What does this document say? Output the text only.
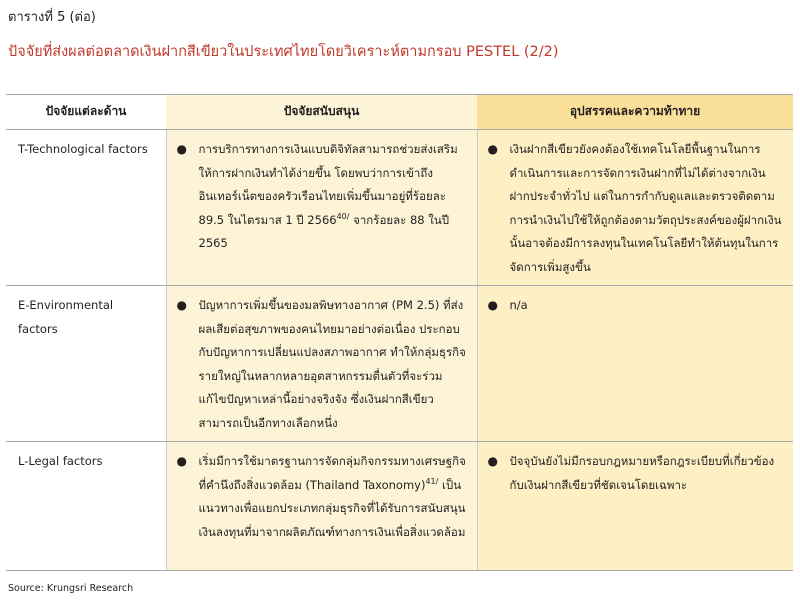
ตารางที่ 5 (ต่อ)
ปัจจัยที่ส่งผลต่อตลาดเงินฝากสีเขียวในประเทศไทยโดยวิเคราะห์ตามกรอบ PESTEL (2/2)
ปัจจัยแต่ละด้าน	ปัจจัยสนับสนุน	อุปสรรคและความท้าทาย
T-Technological factors	● การบริการทางการเงินแบบดิจิทัลสามารถช่วยส่งเสริมให้การฝากเงินทำได้ง่ายขึ้น โดยพบว่าการเข้าถึงอินเทอร์เน็ตของครัวเรือนไทยเพิ่มขึ้นมาอยู่ที่ร้อยละ 89.5 ในไตรมาส 1 ปี $2566^{40/}$ จากร้อยละ 88 ในปี 2565	● เงินฝากสีเขียวยังคงต้องใช้เทคโนโลยีพื้นฐานในการดำเนินการและการจัดการเงินฝากที่ไม่ได้ต่างจากเงินฝากประจำทั่วไป แต่ในการกำกับดูแลและตรวจติดตามการนำเงินไปใช้ให้ถูกต้องตามวัตถุประสงค์ของผู้ฝากเงินนั้นอาจต้องมีการลงทุนในเทคโนโลยีทำให้ต้นทุนในการจัดการเพิ่มสูงขึ้น

E-Environmental factors	● ปัญหาการเพิ่มขึ้นของมลพิษทางอากาศ (PM 2.5) ที่ส่งผลเสียต่อสุขภาพของคนไทยมาอย่างต่อเนื่อง ประกอบกับปัญหาการเปลี่ยนแปลงสภาพอากาศ ทำให้กลุ่มธุรกิจรายใหญ่ในหลากหลายอุตสาหกรรมตื่นตัวที่จะร่วมแก้ไขปัญหาเหล่านี้อย่างจริงจัง ซึ่งเงินฝากสีเขียวสามารถเป็นอีกทางเลือกหนึ่ง	● n/a

L-Legal factors	● เริ่มมีการใช้มาตรฐานการจัดกลุ่มกิจกรรมทางเศรษฐกิจที่คำนึงถึงสิ่งแวดล้อม (Thailand Taxonomy)$^{41/}$ เป็นแนวทางเพื่อแยกประเภทกลุ่มธุรกิจที่ได้รับการสนับสนุนเงินลงทุนที่มาจากผลิตภัณฑ์ทางการเงินเพื่อสิ่งแวดล้อม	● ปัจจุบันยังไม่มีกรอบกฎหมายหรือกฎระเบียบที่เกี่ยวข้องกับเงินฝากสีเขียวที่ชัดเจนโดยเฉพาะ
Source: Krungsri Research
